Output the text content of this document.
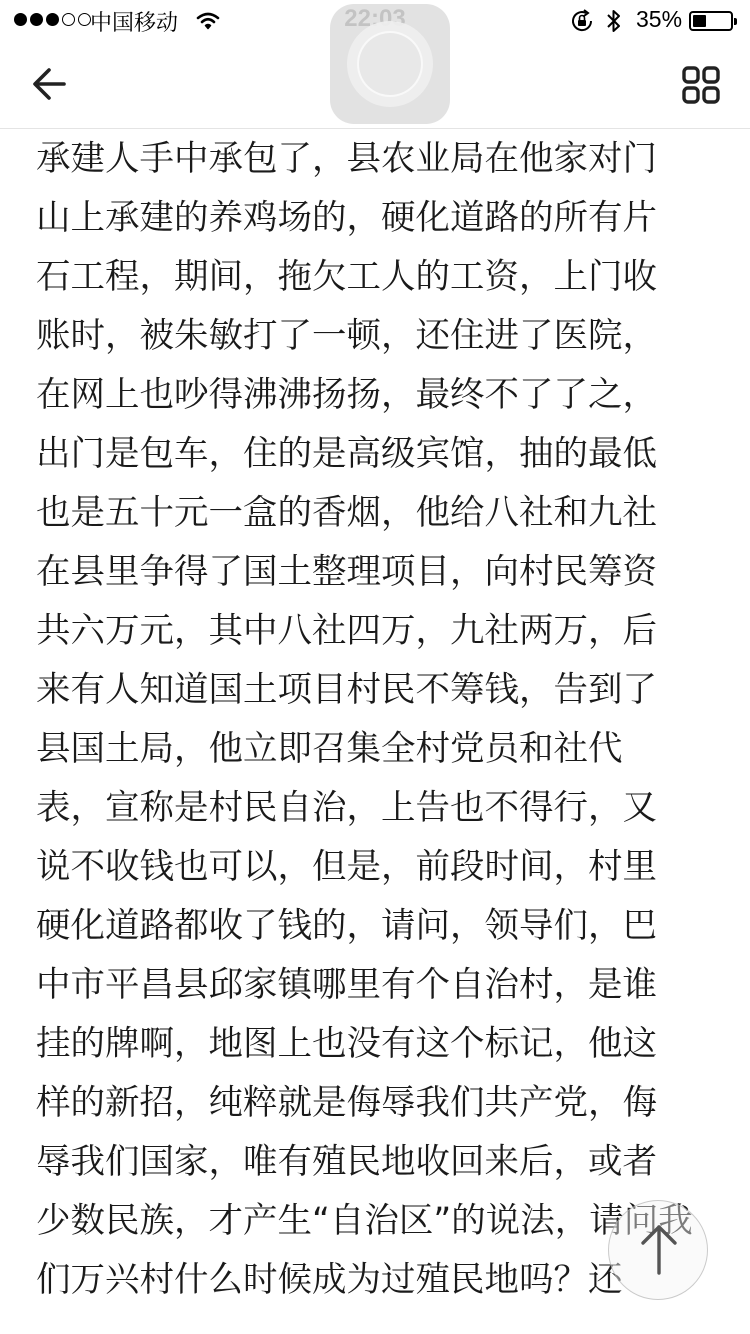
中国移动	35%
承建人手中承包了，县农业局在他家对门
山上承建的养鸡场的，硬化道路的所有片
石工程，期间，拖欠工人的工资，上门收
账时，被朱敏打了一顿，还住进了医院，
在网上也吵得沸沸扬扬，最终不了了之，
出门是包车，住的是高级宾馆，抽的最低
也是五十元一盒的香烟，他给八社和九社
在县里争得了国土整理项目，向村民筹资
共六万元，其中八社四万，九社两万，后
来有人知道国土项目村民不筹钱，告到了
县国土局，他立即召集全村党员和社代
表，宣称是村民自治，上告也不得行，又
说不收钱也可以，但是，前段时间，村里
硬化道路都收了钱的，请问，领导们，巴
中市平昌县邱家镇哪里有个自治村，是谁
挂的牌啊，地图上也没有这个标记，他这
样的新招，纯粹就是侮辱我们共产党，侮
辱我们国家，唯有殖民地收回来后，或者
少数民族，才产生“自治区”的说法，请问我
们万兴村什么时候成为过殖民地吗？还
